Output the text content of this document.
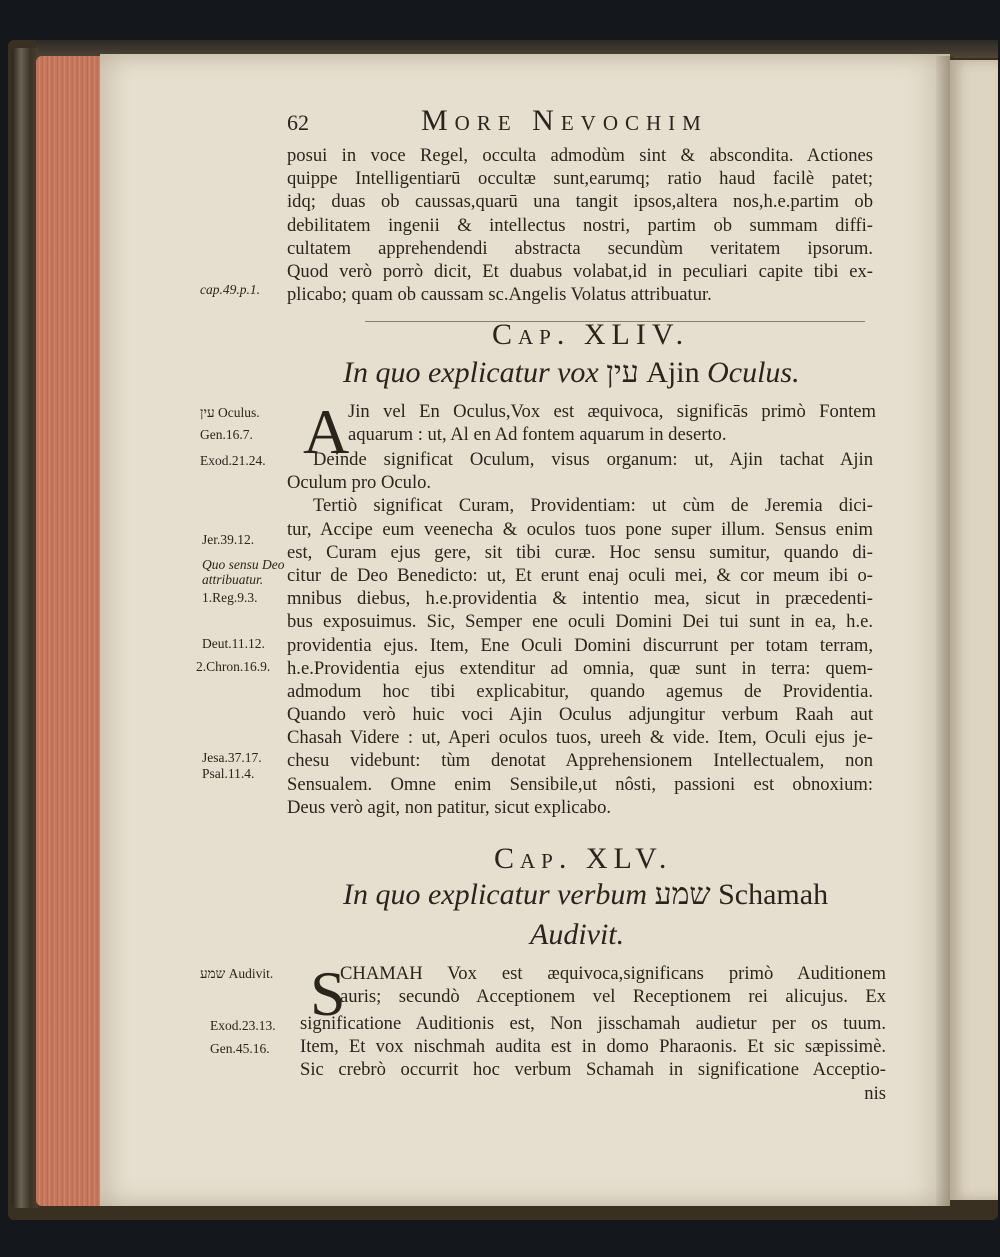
62	More Nevochim
posui in voce Regel, occulta admodùm sint & abscondita. Actiones
quippe Intelligentiarū occultæ sunt,earumq; ratio haud facilè patet;
idq; duas ob caussas,quarū una tangit ipsos,altera nos,h.e.partim ob
debilitatem ingenii & intellectus nostri, partim ob summam diffi-
cultatem apprehendendi abstracta secundùm veritatem ipsorum.
Quod verò porrò dicit, Et duabus volabat,id in peculiari capite tibi ex-
plicabo; quam ob caussam sc.Angelis Volatus attribuatur.
cap.49.p.1.
Cap. XLIV.
In quo explicatur vox עין Ajin Oculus.
A
Jin vel En Oculus,Vox est æquivoca, significās primò Fontem
aquarum : ut, Al en Ad fontem aquarum in deserto.
Deinde significat Oculum, visus organum: ut, Ajin tachat Ajin
Oculum pro Oculo.
Tertiò significat Curam, Providentiam: ut cùm de Jeremia dici-
tur, Accipe eum veenecha & oculos tuos pone super illum. Sensus enim
est, Curam ejus gere, sit tibi curæ. Hoc sensu sumitur, quando di-
citur de Deo Benedicto: ut, Et erunt enaj oculi mei, & cor meum ibi o-
mnibus diebus, h.e.providentia & intentio mea, sicut in præcedenti-
bus exposuimus. Sic, Semper ene oculi Domini Dei tui sunt in ea, h.e.
providentia ejus. Item, Ene Oculi Domini discurrunt per totam terram,
h.e.Providentia ejus extenditur ad omnia, quæ sunt in terra: quem-
admodum hoc tibi explicabitur, quando agemus de Providentia.
Quando verò huic voci Ajin Oculus adjungitur verbum Raah aut
Chasah Videre : ut, Aperi oculos tuos, ureeh & vide. Item, Oculi ejus je-
chesu videbunt: tùm denotat Apprehensionem Intellectualem, non
Sensualem. Omne enim Sensibile,ut nôsti, passioni est obnoxium:
Deus verò agit, non patitur, sicut explicabo.
עין Oculus.
Gen.16.7.
Exod.21.24.
Jer.39.12.
Quo sensu Deo
attribuatur.
1.Reg.9.3.
Deut.11.12.
2.Chron.16.9.
Jesa.37.17.
Psal.11.4.
Cap. XLV.
In quo explicatur verbum שמע Schamah
Audivit.
S
CHAMAH Vox est æquivoca,significans primò Auditionem
auris; secundò Acceptionem vel Receptionem rei alicujus. Ex
significatione Auditionis est, Non jisschamah audietur per os tuum.
Item, Et vox nischmah audita est in domo Pharaonis. Et sic sæpissimè.
Sic crebrò occurrit hoc verbum Schamah in significatione Acceptio-
nis
שמע Audivit.
Exod.23.13.
Gen.45.16.
